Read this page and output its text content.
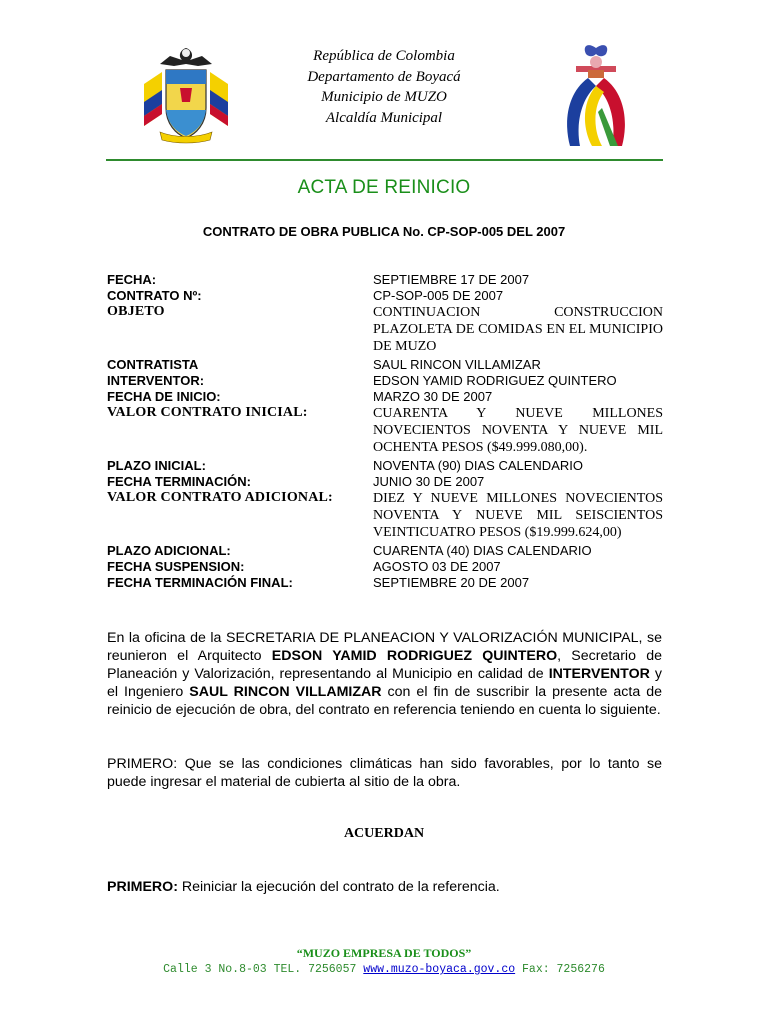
República de Colombia
Departamento de Boyacá
Municipio de MUZO
Alcaldía Municipal
ACTA DE REINICIO
CONTRATO DE OBRA PUBLICA No. CP-SOP-005 DEL 2007
FECHA:	SEPTIEMBRE 17 DE 2007
CONTRATO Nº:	CP-SOP-005 DE 2007
OBJETO	CONTINUACION CONSTRUCCION PLAZOLETA DE COMIDAS EN EL MUNICIPIO DE MUZO
CONTRATISTA	SAUL RINCON VILLAMIZAR
INTERVENTOR:	EDSON YAMID RODRIGUEZ QUINTERO
FECHA DE INICIO:	MARZO 30 DE 2007
VALOR CONTRATO INICIAL:	CUARENTA Y NUEVE MILLONES NOVECIENTOS NOVENTA Y NUEVE MIL OCHENTA PESOS ($49.999.080,00).
PLAZO INICIAL:	NOVENTA (90) DIAS CALENDARIO
FECHA TERMINACIÓN:	JUNIO 30 DE 2007
VALOR CONTRATO ADICIONAL:	DIEZ Y NUEVE MILLONES NOVECIENTOS NOVENTA Y NUEVE MIL SEISCIENTOS VEINTICUATRO PESOS ($19.999.624,00)
PLAZO ADICIONAL:	CUARENTA (40) DIAS CALENDARIO
FECHA SUSPENSION:	AGOSTO 03 DE 2007
FECHA TERMINACIÓN FINAL:	SEPTIEMBRE 20 DE 2007
En la oficina de la SECRETARIA DE PLANEACION Y VALORIZACIÓN MUNICIPAL, se reunieron el Arquitecto EDSON YAMID RODRIGUEZ QUINTERO, Secretario de Planeación y Valorización, representando al Municipio en calidad de INTERVENTOR y el Ingeniero SAUL RINCON VILLAMIZAR con el fin de suscribir la presente acta de reinicio de ejecución de obra, del contrato en referencia teniendo en cuenta lo siguiente.
PRIMERO: Que se las condiciones climáticas han sido favorables, por lo tanto se puede ingresar el material de cubierta al sitio de la obra.
ACUERDAN
PRIMERO: Reiniciar la ejecución del contrato de la referencia.
“MUZO EMPRESA DE TODOS”
Calle 3 No.8-03 TEL. 7256057 www.muzo-boyaca.gov.co Fax: 7256276
